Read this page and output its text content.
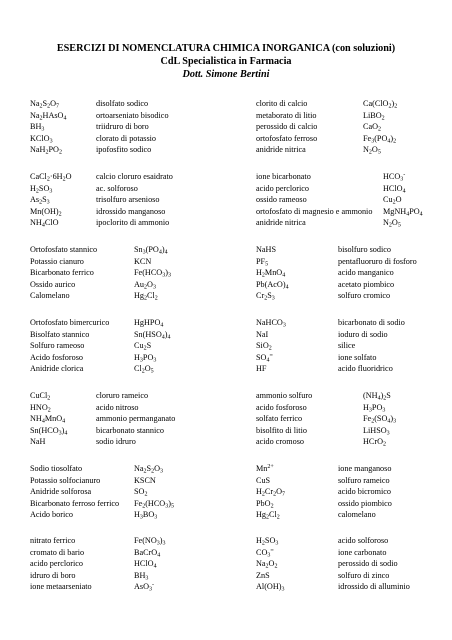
ESERCIZI DI NOMENCLATURA CHIMICA INORGANICA (con soluzioni)
CdL Specialistica in Farmacia
Dott. Simone Bertini
$Na_2S_2O_7$	disolfato sodico	clorito di calcio	$Ca(ClO_2)_2$
$Na_2HAsO_4$	ortoarseniato bisodico	metaborato di litio	LiBO$_2$
$BH_3$	triidruro di boro	perossido di calcio	CaO$_2$
KClO$_3$	clorato di potassio	ortofosfato ferroso	$Fe_3(PO_4)_2$
$NaH_2PO_2$	ipofosfito sodico	anidride nitrica	$N_2O_5$
$CaCl_2\cdot 6H_2O$	calcio cloruro esaidrato	ione bicarbonato	$HCO_3^-$
$H_2SO_3$	ac. solforoso	acido perclorico	HClO$_4$
$As_2S_3$	trisolfuro arsenioso	ossido rameoso	$Cu_2O$
$Mn(OH)_2$	idrossido manganoso	ortofosfato di magnesio e ammonio $MgNH_4PO_4$
$NH_4ClO$	ipoclorito di ammonio	anidride nitrica	$N_2O_5$
Ortofosfato stannico	$Sn_3(PO_4)_4$	NaHS	bisolfuro sodico
Potassio cianuro	KCN	$PF_5$	pentafluoruro di fosforo
Bicarbonato ferrico	$Fe(HCO_3)_3$	$H_2MnO_4$	acido manganico
Ossido aurico	$Au_2O_3$	$Pb(AcO)_4$	acetato piombico
Calomelano	$Hg_2Cl_2$	$Cr_2S_3$	solfuro cromico
Ortofosfato bimercurico	HgHPO$_4$	NaHCO$_3$	bicarbonato di sodio
Bisolfato stannico	$Sn(HSO_4)_4$	NaI	ioduro di sodio
Solfuro rameoso	$Cu_2S$	SiO$_2$	silice
Acido fosforoso	$H_3PO_3$	$SO_4^=$	ione solfato
Anidride clorica	$Cl_2O_5$	HF	acido fluoridrico
CuCl$_2$	cloruro rameico	ammonio solfuro	$(NH_4)_2S$
$HNO_2$	acido nitroso	acido fosforoso	$H_3PO_3$
$NH_4MnO_4$	ammonio permanganato	solfato ferrico	$Fe_2(SO_4)_3$
$Sn(HCO_3)_4$	bicarbonato stannico	bisolfito di litio	LiHSO$_3$
NaH	sodio idruro	acido cromoso	HCrO$_2$
Sodio tiosolfato	$Na_2S_2O_3$	$Mn^{2+}$	ione manganoso
Potassio solfocianuro	KSCN	CuS	solfuro rameico
Anidride solforosa	$SO_2$	$H_2Cr_2O_7$	acido bicromico
Bicarbonato ferroso ferrico $Fe_2(HCO_3)_5$	PbO$_2$	ossido piombico
Acido borico	$H_3BO_3$	$Hg_2Cl_2$	calomelano
nitrato ferrico	$Fe(NO_3)_3$	$H_2SO_3$	acido solforoso
cromato di bario	BaCrO$_4$	$CO_3^=$	ione carbonato
acido perclorico	HClO$_4$	$Na_2O_2$	perossido di sodio
idruro di boro	$BH_3$	ZnS	solfuro di zinco
ione metaarseniato	AsO$_3$-	$Al(OH)_3$	idrossido di alluminio
